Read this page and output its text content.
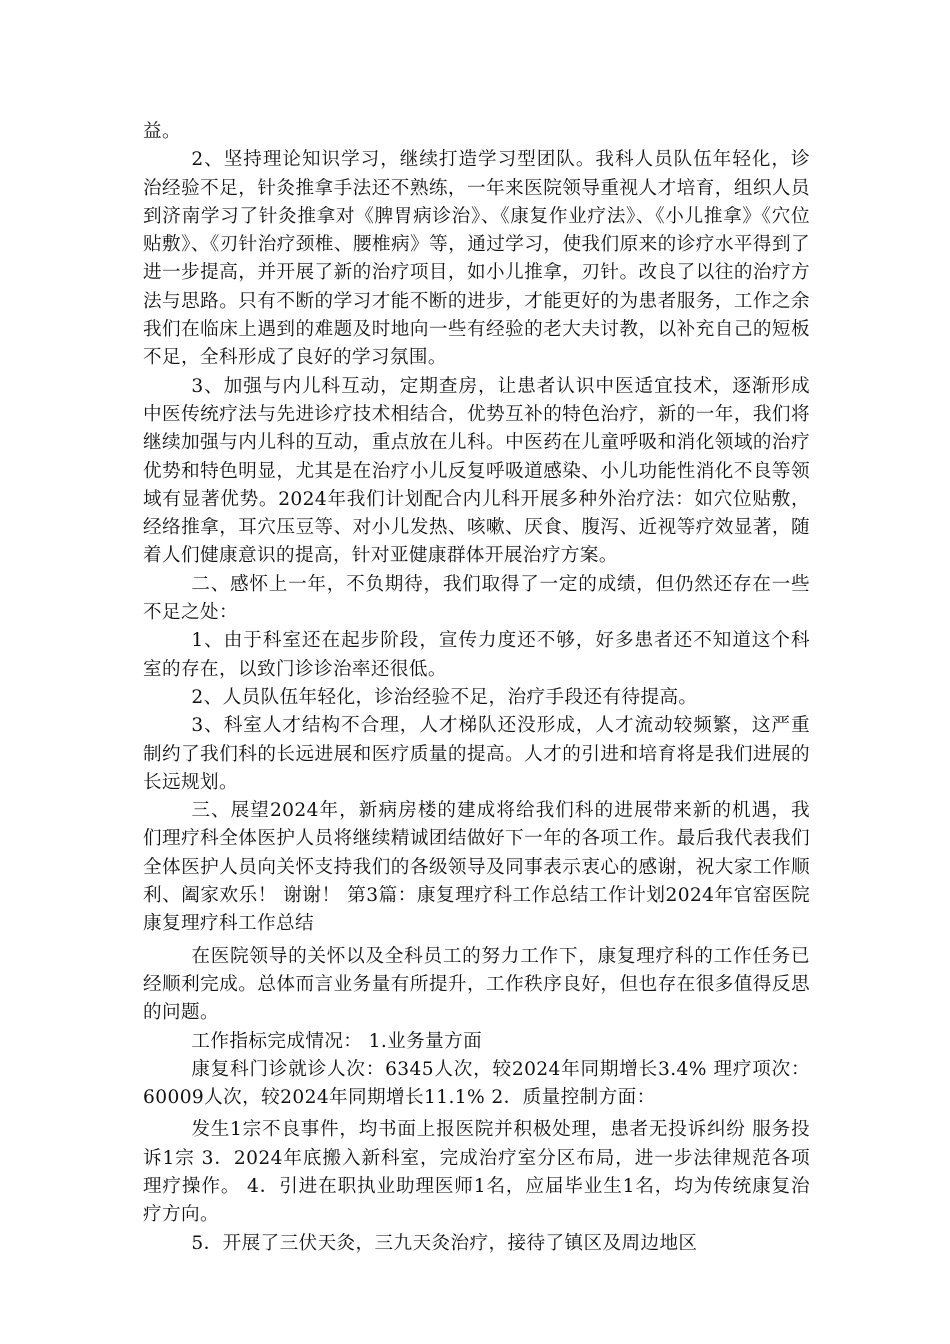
益。

2、坚持理论知识学习，继续打造学习型团队。我科人员队伍年轻化，诊治经验不足，针灸推拿手法还不熟练，一年来医院领导重视人才培育，组织人员到济南学习了针灸推拿对《脾胃病诊治》、《康复作业疗法》、《小儿推拿》《穴位贴敷》、《刃针治疗颈椎、腰椎病》等，通过学习，使我们原来的诊疗水平得到了进一步提高，并开展了新的治疗项目，如小儿推拿，刃针。改良了以往的治疗方法与思路。只有不断的学习才能不断的进步，才能更好的为患者服务，工作之余我们在临床上遇到的难题及时地向一些有经验的老大夫讨教，以补充自己的短板不足，全科形成了良好的学习氛围。

3、加强与内儿科互动，定期查房，让患者认识中医适宜技术，逐渐形成中医传统疗法与先进诊疗技术相结合，优势互补的特色治疗，新的一年，我们将继续加强与内儿科的互动，重点放在儿科。中医药在儿童呼吸和消化领域的治疗优势和特色明显，尤其是在治疗小儿反复呼吸道感染、小儿功能性消化不良等领域有显著优势。2024年我们计划配合内儿科开展多种外治疗法：如穴位贴敷，经络推拿，耳穴压豆等、对小儿发热、咳嗽、厌食、腹泻、近视等疗效显著，随着人们健康意识的提高，针对亚健康群体开展治疗方案。

二、感怀上一年，不负期待，我们取得了一定的成绩，但仍然还存在一些不足之处：

1、由于科室还在起步阶段，宣传力度还不够，好多患者还不知道这个科室的存在，以致门诊诊治率还很低。

2、人员队伍年轻化，诊治经验不足，治疗手段还有待提高。

3、科室人才结构不合理，人才梯队还没形成，人才流动较频繁，这严重制约了我们科的长远进展和医疗质量的提高。人才的引进和培育将是我们进展的长远规划。

三、展望2024年，新病房楼的建成将给我们科的进展带来新的机遇，我们理疗科全体医护人员将继续精诚团结做好下一年的各项工作。最后我代表我们全体医护人员向关怀支持我们的各级领导及同事表示衷心的感谢，祝大家工作顺利、阖家欢乐！ 谢谢！ 第3篇：康复理疗科工作总结工作计划2024年官窑医院康复理疗科工作总结

在医院领导的关怀以及全科员工的努力工作下，康复理疗科的工作任务已经顺利完成。总体而言业务量有所提升，工作秩序良好，但也存在很多值得反思的问题。

工作指标完成情况： 1.业务量方面

康复科门诊就诊人次：6345人次，较2024年同期增长3.4% 理疗项次：60009人次，较2024年同期增长11.1% 2．质量控制方面：

发生1宗不良事件，均书面上报医院并积极处理，患者无投诉纠纷 服务投诉1宗 3．2024年底搬入新科室，完成治疗室分区布局，进一步法律规范各项理疗操作。 4．引进在职执业助理医师1名，应届毕业生1名，均为传统康复治疗方向。

5．开展了三伏天灸，三九天灸治疗，接待了镇区及周边地区
